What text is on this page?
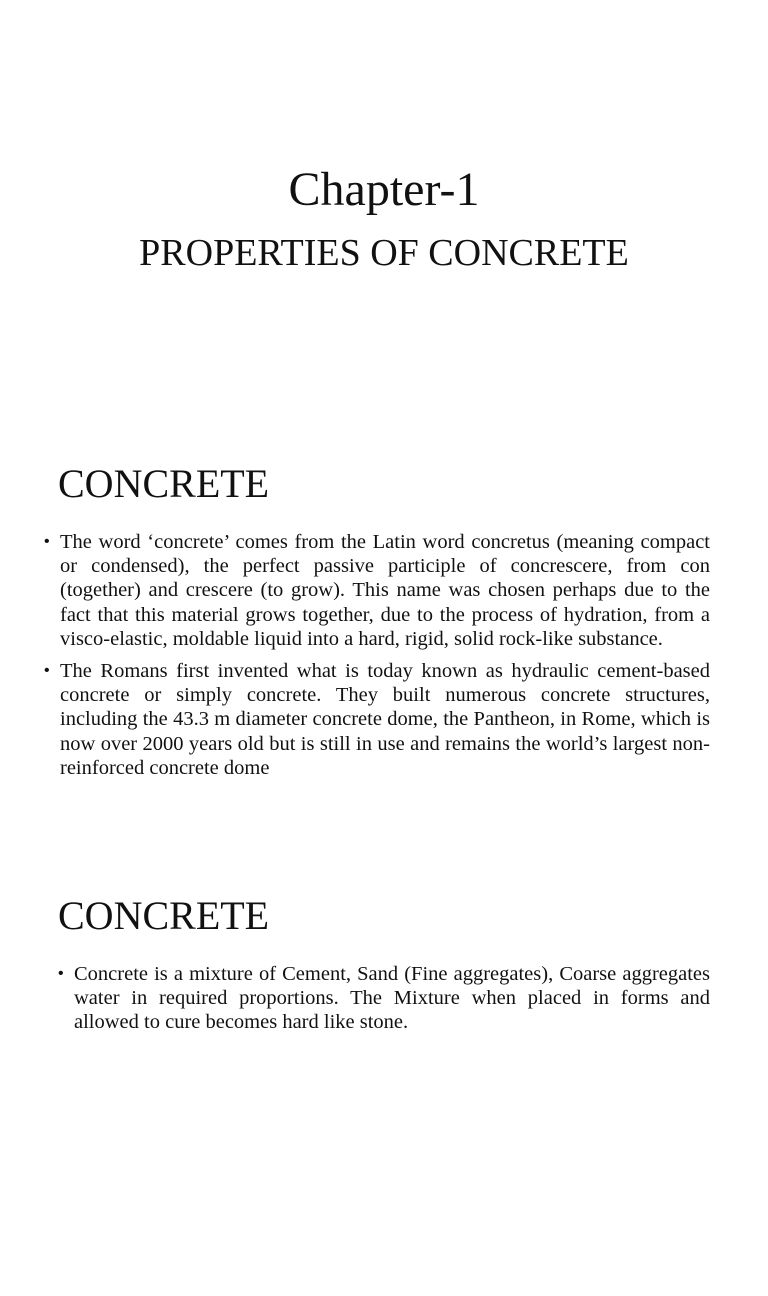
Chapter-1
PROPERTIES OF CONCRETE
CONCRETE
• The word ‘concrete’ comes from the Latin word concretus (meaning compact or condensed), the perfect passive participle of concrescere, from con (together) and crescere (to grow). This name was chosen perhaps due to the fact that this material grows together, due to the process of hydration, from a visco-elastic, moldable liquid into a hard, rigid, solid rock-like substance.
• The Romans first invented what is today known as hydraulic cement-based concrete or simply concrete. They built numerous concrete structures, including the 43.3 m diameter concrete dome, the Pantheon, in Rome, which is now over 2000 years old but is still in use and remains the world’s largest non-reinforced concrete dome
CONCRETE
• Concrete is a mixture of Cement, Sand (Fine aggregates), Coarse aggregates water in required proportions. The Mixture when placed in forms and allowed to cure becomes hard like stone.
